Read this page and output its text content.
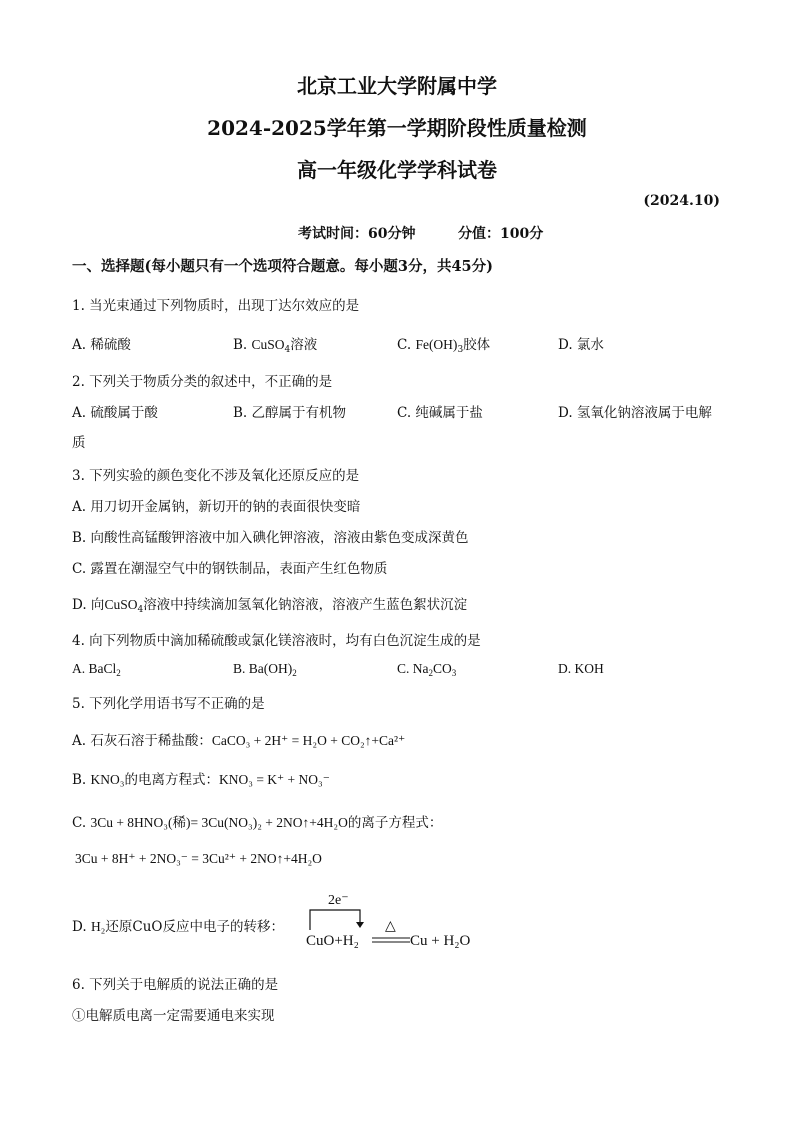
北京工业大学附属中学
2024-2025学年第一学期阶段性质量检测
高一年级化学学科试卷
(2024.10)
考试时间：60分钟	分值：100分
一、选择题(每小题只有一个选项符合题意。每小题3分，共45分)
1. 当光束通过下列物质时，出现丁达尔效应的是
A. 稀硫酸	B. CuSO$_4$溶液	C. $Fe(OH)_3$胶体	D. 氯水
2. 下列关于物质分类的叙述中，不正确的是
A. 硫酸属于酸	B. 乙醇属于有机物	C. 纯碱属于盐	D. 氢氧化钠溶液属于电解
质
3. 下列实验的颜色变化不涉及氧化还原反应的是
A. 用刀切开金属钠，新切开的钠的表面很快变暗
B. 向酸性高锰酸钾溶液中加入碘化钾溶液，溶液由紫色变成深黄色
C. 露置在潮湿空气中的钢铁制品，表面产生红色物质
D. 向CuSO$_4$溶液中持续滴加氢氧化钠溶液，溶液产生蓝色絮状沉淀
4. 向下列物质中滴加稀硫酸或氯化镁溶液时，均有白色沉淀生成的是
A. BaCl$_2$	B. $Ba(OH)_2$	C. $Na_2CO_3$	D. KOH
5. 下列化学用语书写不正确的是
A. 石灰石溶于稀盐酸：CaCO₃ + 2H⁺ = H₂O + CO₂↑+Ca²⁺
B. KNO₃的电离方程式：KNO₃ = K⁺ + NO₃⁻
C. 3Cu + 8HNO₃(稀)= 3Cu(NO₃)₂ + 2NO↑+4H₂O的离子方程式：
3Cu + 8H⁺ + 2NO₃⁻ = 3Cu²⁺ + 2NO↑+4H₂O
D. H₂还原CuO反应中电子的转移：
2e⁻
CuO+H₂
△
Cu + H₂O
6. 下列关于电解质的说法正确的是
①电解质电离一定需要通电来实现
